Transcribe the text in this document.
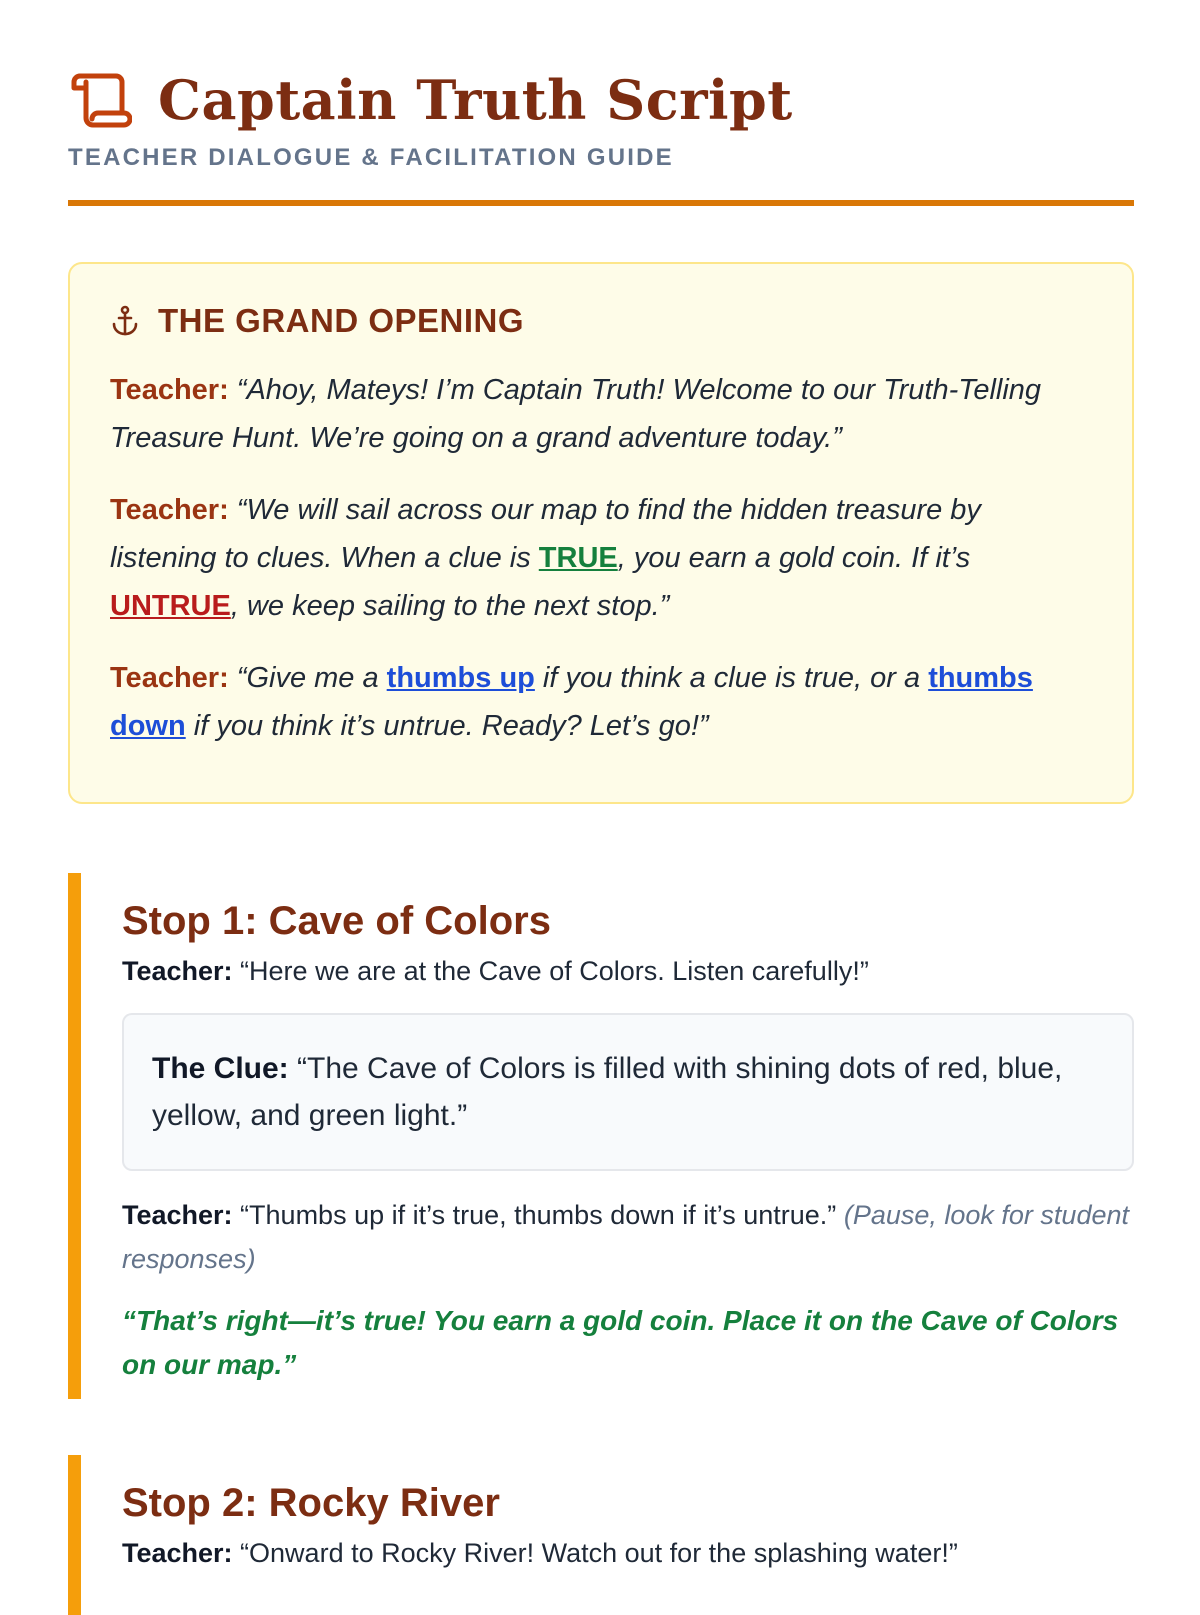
Captain Truth Script
TEACHER DIALOGUE & FACILITATION GUIDE
THE GRAND OPENING

Teacher: “Ahoy, Mateys! I’m Captain Truth! Welcome to our Truth-Telling Treasure Hunt. We’re going on a grand adventure today.”

Teacher: “We will sail across our map to find the hidden treasure by listening to clues. When a clue is TRUE, you earn a gold coin. If it’s UNTRUE, we keep sailing to the next stop.”

Teacher: “Give me a thumbs up if you think a clue is true, or a thumbs down if you think it’s untrue. Ready? Let’s go!”

Stop 1: Cave of Colors

Teacher: “Here we are at the Cave of Colors. Listen carefully!”

The Clue: “The Cave of Colors is filled with shining dots of red, blue, yellow, and green light.”

Teacher: “Thumbs up if it’s true, thumbs down if it’s untrue.” (Pause, look for student responses)

“That’s right—it’s true! You earn a gold coin. Place it on the Cave of Colors on our map.”

Stop 2: Rocky River

Teacher: “Onward to Rocky River! Watch out for the splashing water!”
